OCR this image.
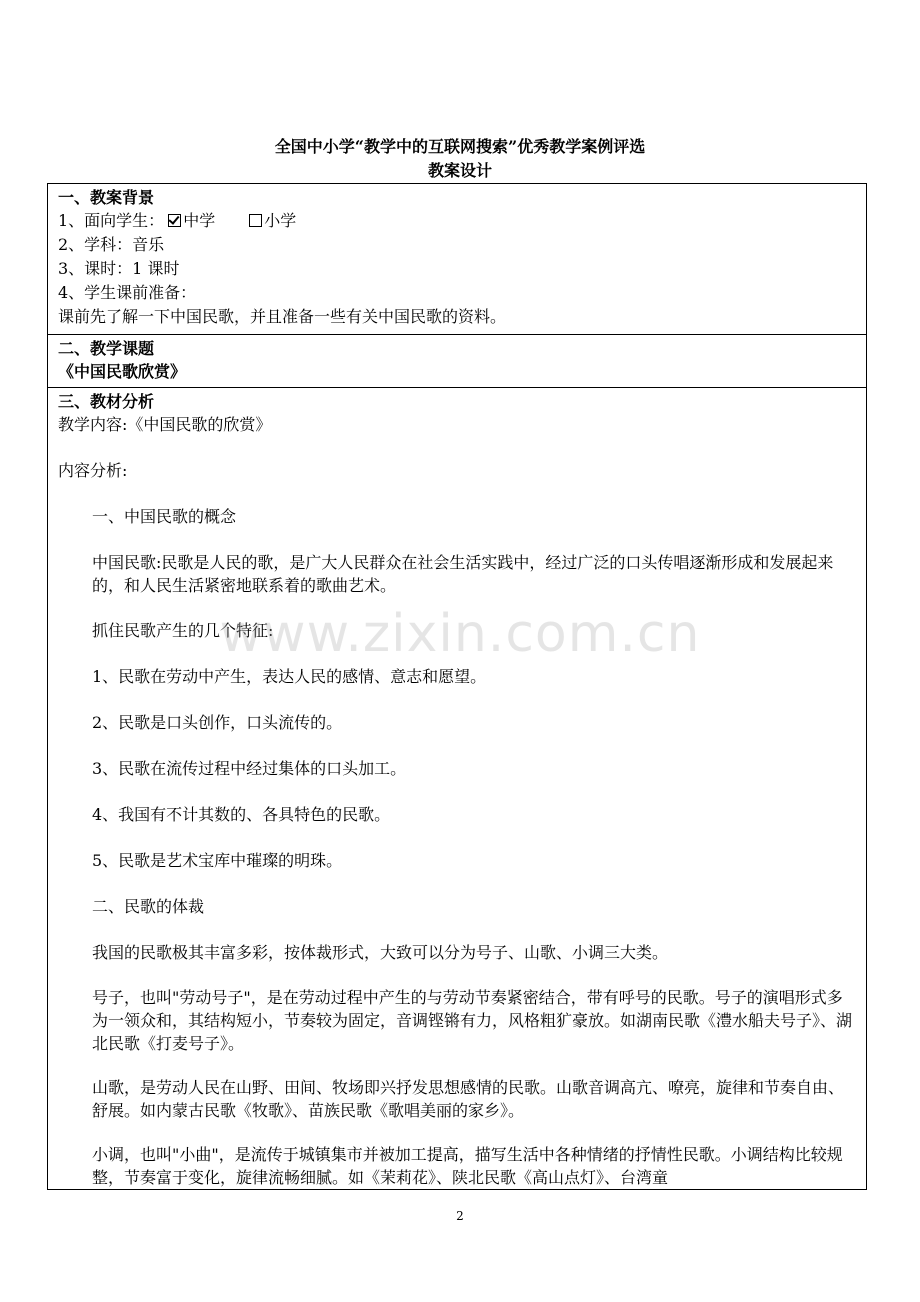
全国中小学“教学中的互联网搜索”优秀教学案例评选
教案设计
一、教案背景
1、面向学生： 中学	小学
2、学科：音乐
3、课时：1 课时
4、学生课前准备：
课前先了解一下中国民歌，并且准备一些有关中国民歌的资料。

二、教学课题
《中国民歌欣赏》

三、教材分析
教学内容:《中国民歌的欣赏》
内容分析:
一、中国民歌的概念
中国民歌:民歌是人民的歌，是广大人民群众在社会生活实践中，经过广泛的口头传唱逐渐形成和发展起来的，和人民生活紧密地联系着的歌曲艺术。
抓住民歌产生的几个特征:
1、民歌在劳动中产生，表达人民的感情、意志和愿望。
2、民歌是口头创作，口头流传的。
3、民歌在流传过程中经过集体的口头加工。
4、我国有不计其数的、各具特色的民歌。
5、民歌是艺术宝库中璀璨的明珠。
二、民歌的体裁
我国的民歌极其丰富多彩，按体裁形式，大致可以分为号子、山歌、小调三大类。
号子，也叫"劳动号子"，是在劳动过程中产生的与劳动节奏紧密结合，带有呼号的民歌。号子的演唱形式多为一领众和，其结构短小，节奏较为固定，音调铿锵有力，风格粗犷豪放。如湖南民歌《澧水船夫号子》、湖北民歌《打麦号子》。
山歌，是劳动人民在山野、田间、牧场即兴抒发思想感情的民歌。山歌音调高亢、嘹亮，旋律和节奏自由、舒展。如内蒙古民歌《牧歌》、苗族民歌《歌唱美丽的家乡》。
小调，也叫"小曲"，是流传于城镇集市并被加工提高，描写生活中各种情绪的抒情性民歌。小调结构比较规整，节奏富于变化，旋律流畅细腻。如《茉莉花》、陕北民歌《高山点灯》、台湾童
www.zixin.com.cn
2
